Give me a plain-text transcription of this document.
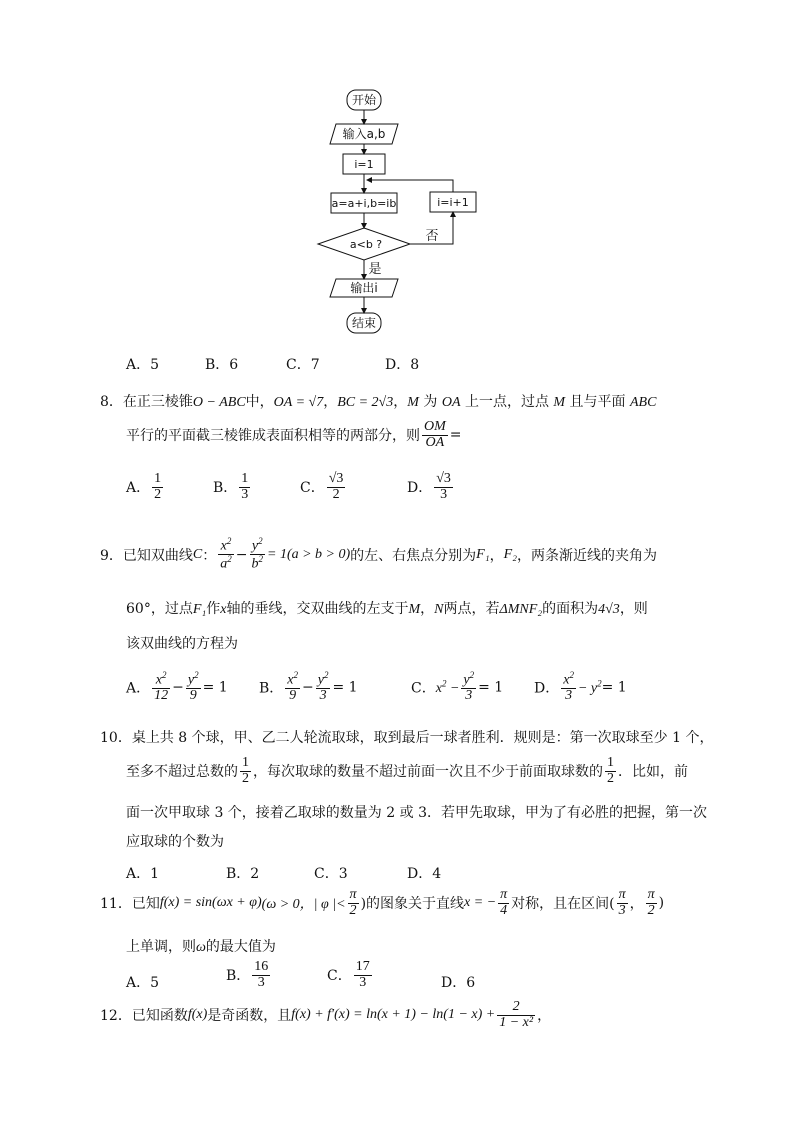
开始
输入a,b
i=1
a=a+i,b=ib	i=i+1
a<b ?
否
是
输出i
结束
A．5	B．6	C．7	D．8
8．在正三棱锥O − ABC中，OA = √7，BC = 2√3，M 为 OA 上一点，过点 M 且与平面 ABC
平行的平面截三棱锥成表面积相等的两部分，则 $\frac{OM}{OA}$ =
A． $\frac{1}{2}$	B． $\frac{1}{3}$	C． $\frac{√3}{2}$	D． $\frac{√3}{3}$
9．已知双曲线C： $\frac{x^2}{a^2} - \frac{y^2}{b^2} = 1(a > b > 0)$的左、右焦点分别为F₁，F₂，两条渐近线的夹角为
60°，过点F₁作x轴的垂线，交双曲线的左支于M，N两点，若ΔMNF₂的面积为4√3，则
该双曲线的方程为
A． $\frac{x^2}{12} - \frac{y^2}{9} = 1$ B． $\frac{x^2}{9} - \frac{y^2}{3} = 1$	C．$x^2 - \frac{y^2}{3} = 1$ D． $\frac{x^2}{3} - y^2= 1$
10．桌上共 8 个球，甲、乙二人轮流取球，取到最后一球者胜利．规则是：第一次取球至少 1 个，
至多不超过总数的 $\frac{1}{2}$ ，每次取球的数量不超过前面一次且不少于前面取球数的 $\frac{1}{2}$ ．比如，前
面一次甲取球 3 个，接着乙取球的数量为 2 或 3．若甲先取球，甲为了有必胜的把握，第一次
应取球的个数为
A．1	B．2	C．3	D．4
11．已知f(x) = sin(ωx + φ)(ω > 0，| φ |< $\frac{\pi}{2}$ )的图象关于直线x = − $\frac{\pi}{4}$ 对称，且在区间( $\frac{\pi}{3}$ ， $\frac{\pi}{2}$ )
上单调，则ω的最大值为
A．5	B． $\frac{16}{3}$	C． $\frac{17}{3}$	D．6
12．已知函数f(x)是奇函数，且$f(x) + f'(x) = \ln(x + 1) - \ln(1 - x) + \frac{2}{\text{1 − x²}}$ ，
